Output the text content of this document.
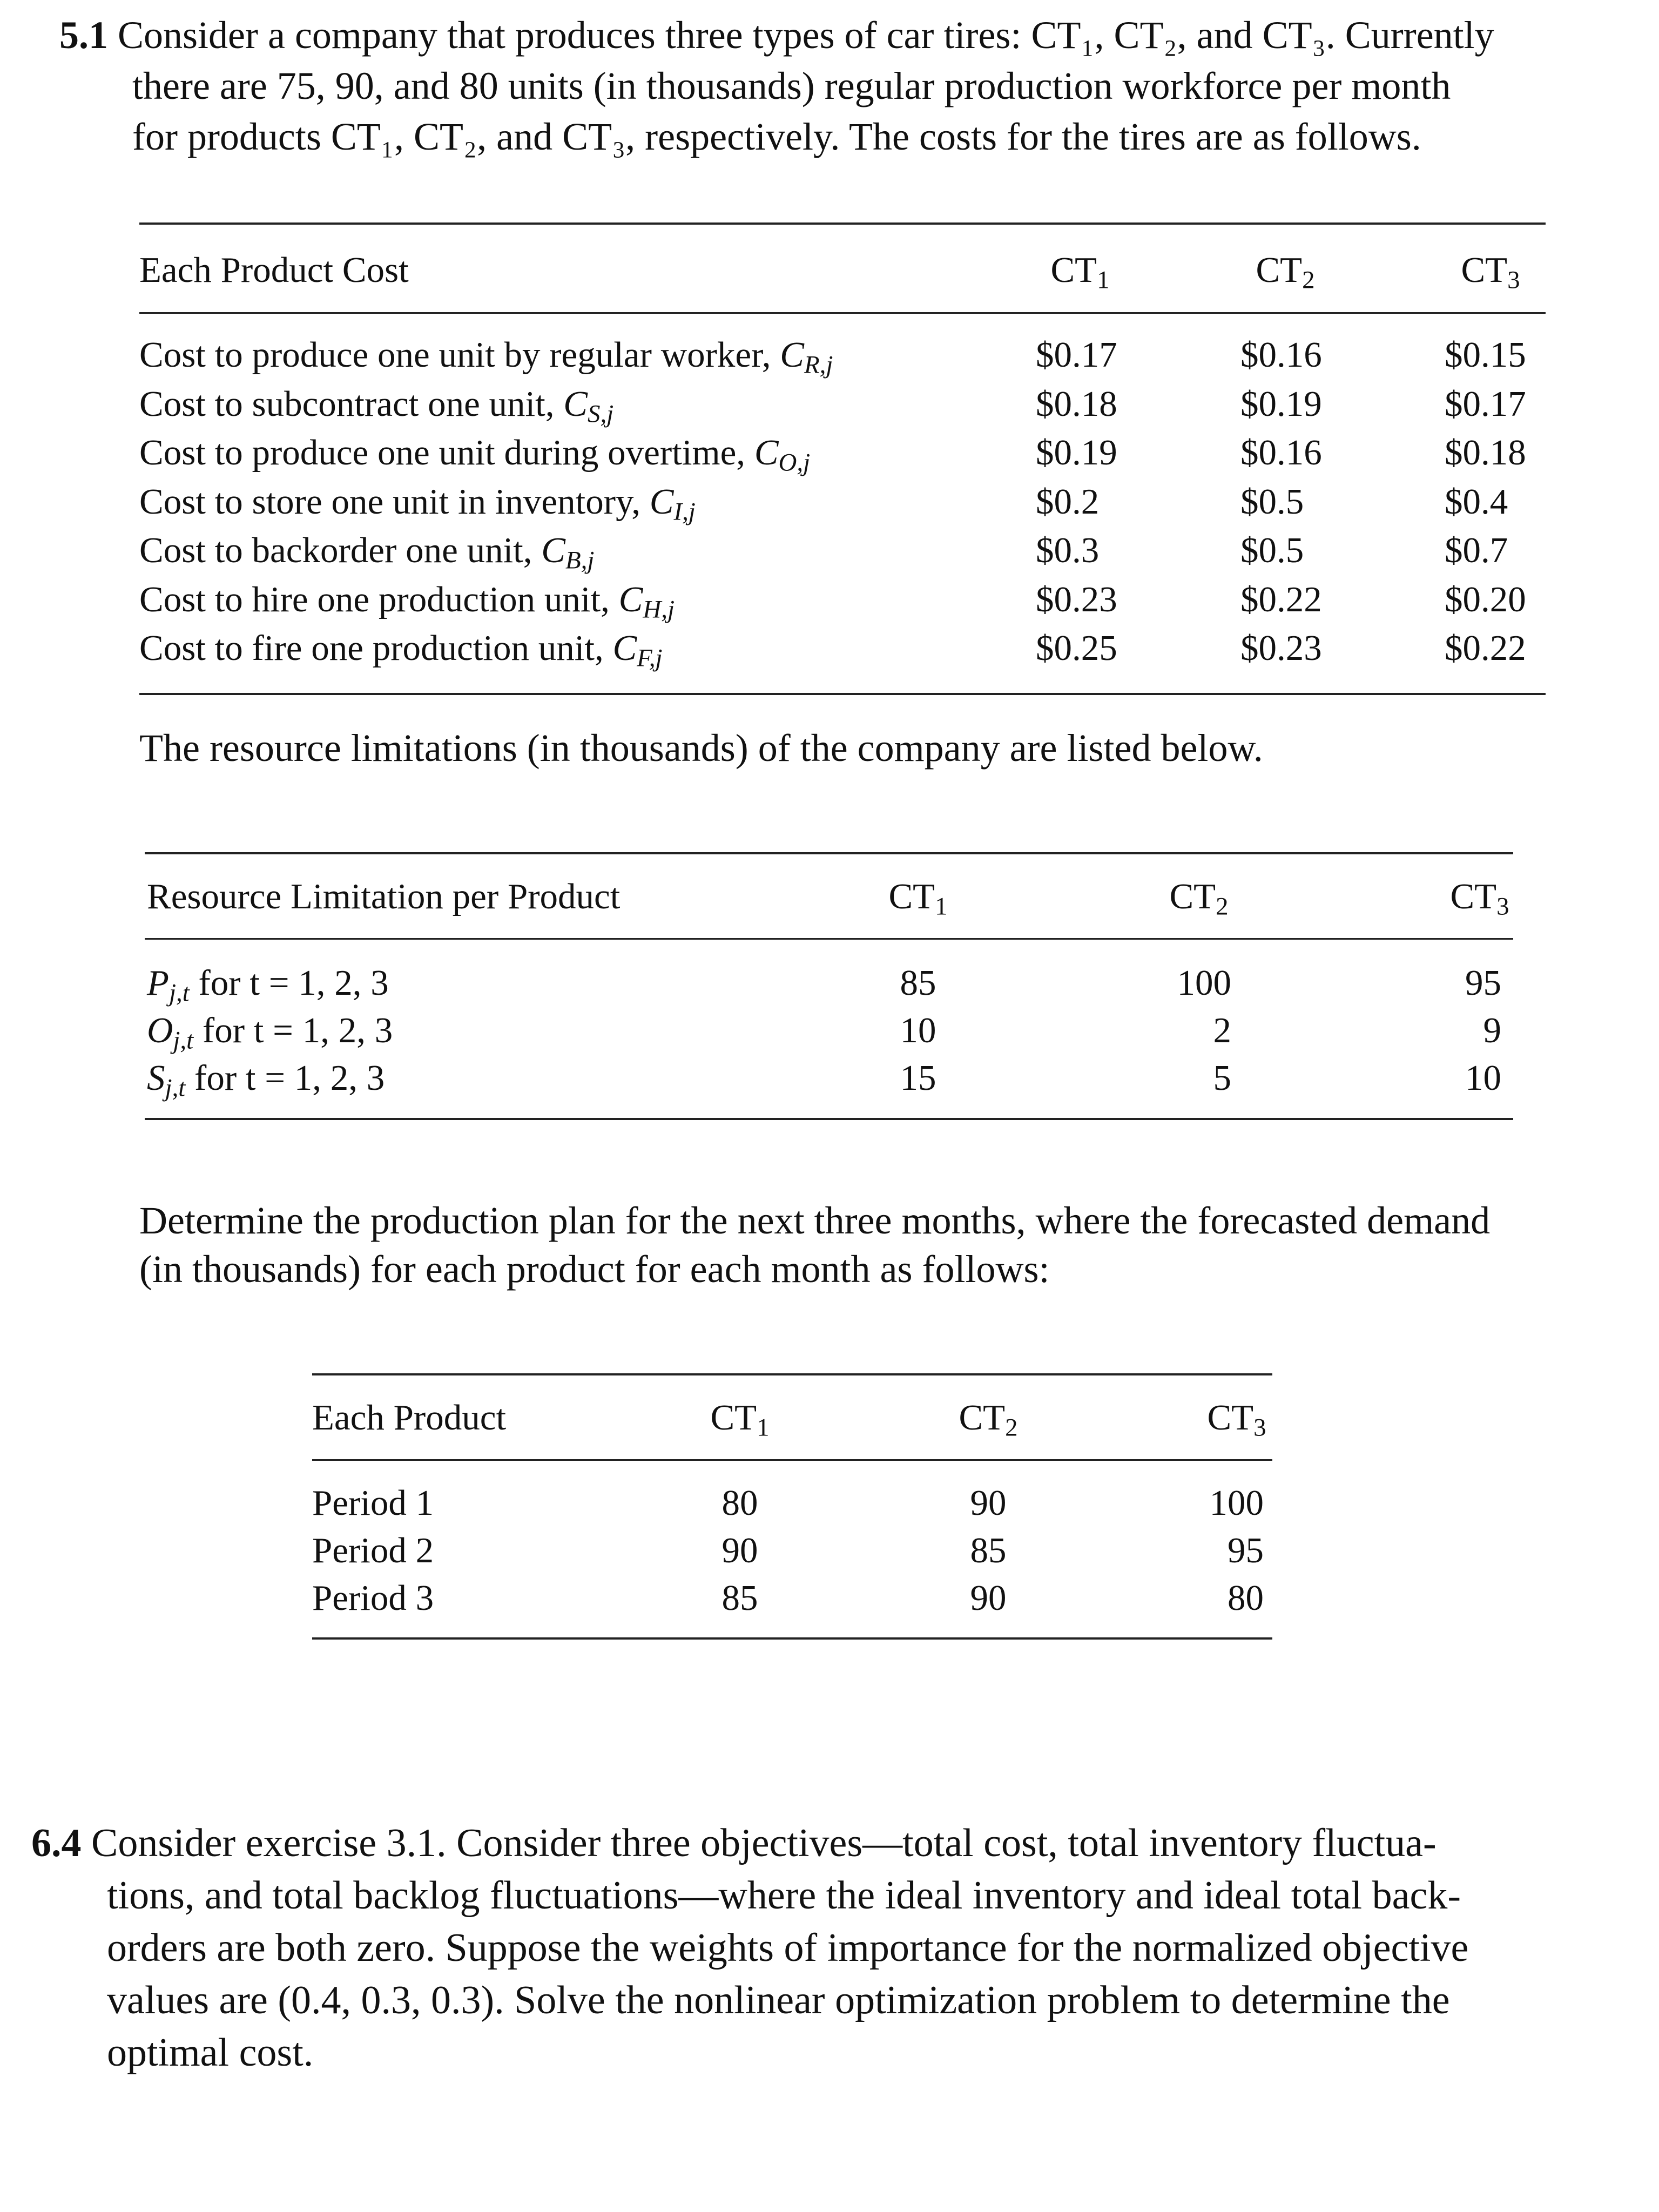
5.1 Consider a company that produces three types of car tires: CT₁, CT₂, and CT₃. Currently
there are 75, 90, and 80 units (in thousands) regular production workforce per month
for products CT₁, CT₂, and CT₃, respectively. The costs for the tires are as follows.
Each Product Cost	$CT_1$	$CT_2$	$CT_3$
Cost to produce one unit by regular worker, $C_{R,j}$	$0.17	$0.16	$0.15
Cost to subcontract one unit, $C_{S,j}$	$0.18	$0.19	$0.17
Cost to produce one unit during overtime, $C_{O,j}$	$0.19	$0.16	$0.18
Cost to store one unit in inventory, $C_{I,j}$	$0.2	$0.5	$0.4
Cost to backorder one unit, $C_{B,j}$	$0.3	$0.5	$0.7
Cost to hire one production unit, $C_{H,j}$	$0.23	$0.22	$0.20
Cost to fire one production unit, $C_{F,j}$	$0.25	$0.23	$0.22
The resource limitations (in thousands) of the company are listed below.
Resource Limitation per Product	$CT_1$	$CT_2$	$CT_3$
$P_{j,t}$ for t = 1, 2, 3	85	100	95
$O_{j,t}$ for t = 1, 2, 3	10	2	9
$S_{j,t}$ for t = 1, 2, 3	15	5	10
Determine the production plan for the next three months, where the forecasted demand
(in thousands) for each product for each month as follows:
Each Product	$CT_1$	$CT_2$	$CT_3$
Period 1	80	90	100
Period 2	90	85	95
Period 3	85	90	80
6.4 Consider exercise 3.1. Consider three objectives—total cost, total inventory fluctua-
tions, and total backlog fluctuations—where the ideal inventory and ideal total back-
orders are both zero. Suppose the weights of importance for the normalized objective
values are (0.4, 0.3, 0.3). Solve the nonlinear optimization problem to determine the
optimal cost.
